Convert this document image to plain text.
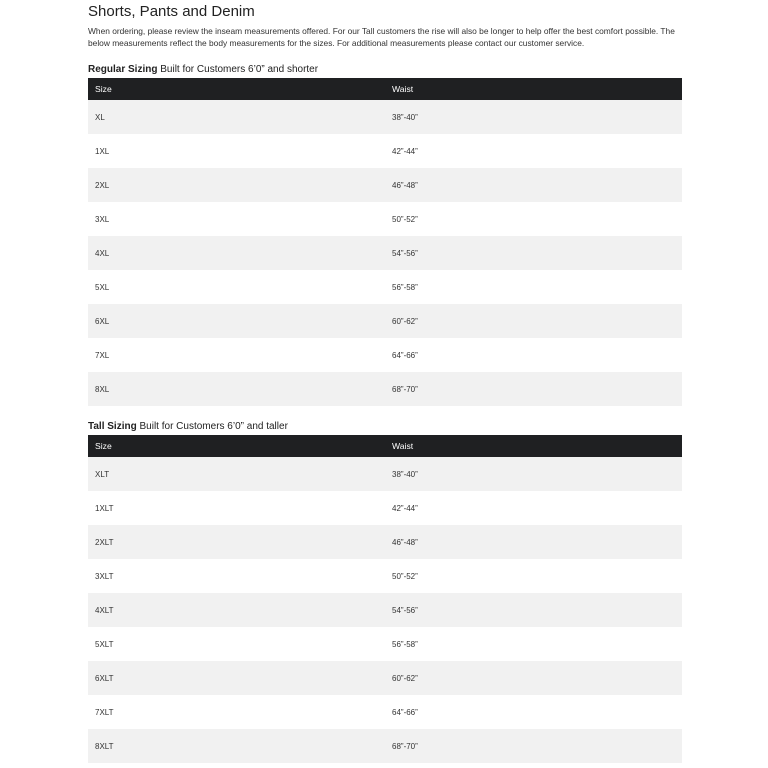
Shorts, Pants and Denim
When ordering, please review the inseam measurements offered. For our Tall customers the rise will also be longer to help offer the best comfort possible. The below measurements reflect the body measurements for the sizes. For additional measurements please contact our customer service.
Regular Sizing Built for Customers 6’0” and shorter
Size	Waist
XL	38”-40”
1XL	42”-44”
2XL	46”-48”
3XL	50”-52”
4XL	54”-56”
5XL	56”-58”
6XL	60”-62”
7XL	64”-66”
8XL	68”-70”
Tall Sizing Built for Customers 6’0” and taller
Size	Waist
XLT	38”-40”
1XLT	42”-44”
2XLT	46”-48”
3XLT	50”-52”
4XLT	54”-56”
5XLT	56”-58”
6XLT	60”-62”
7XLT	64”-66”
8XLT	68”-70”
